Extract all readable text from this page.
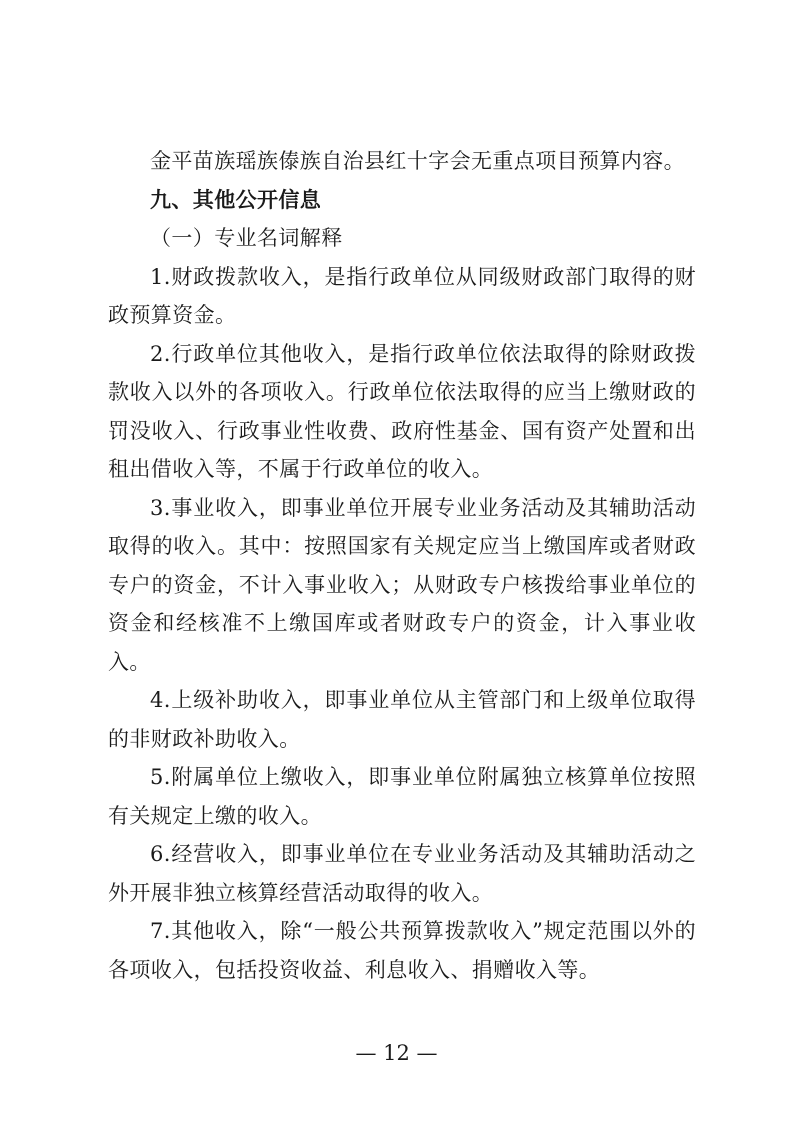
金平苗族瑶族傣族自治县红十字会无重点项目预算内容。

九、其他公开信息

（一）专业名词解释

1.财政拨款收入，是指行政单位从同级财政部门取得的财政预算资金。

2.行政单位其他收入，是指行政单位依法取得的除财政拨款收入以外的各项收入。行政单位依法取得的应当上缴财政的罚没收入、行政事业性收费、政府性基金、国有资产处置和出租出借收入等，不属于行政单位的收入。

3.事业收入，即事业单位开展专业业务活动及其辅助活动取得的收入。其中：按照国家有关规定应当上缴国库或者财政专户的资金，不计入事业收入；从财政专户核拨给事业单位的资金和经核准不上缴国库或者财政专户的资金，计入事业收入。

4.上级补助收入，即事业单位从主管部门和上级单位取得的非财政补助收入。

5.附属单位上缴收入，即事业单位附属独立核算单位按照有关规定上缴的收入。

6.经营收入，即事业单位在专业业务活动及其辅助活动之外开展非独立核算经营活动取得的收入。

7.其他收入，除“一般公共预算拨款收入”规定范围以外的各项收入，包括投资收益、利息收入、捐赠收入等。

— 12 —
